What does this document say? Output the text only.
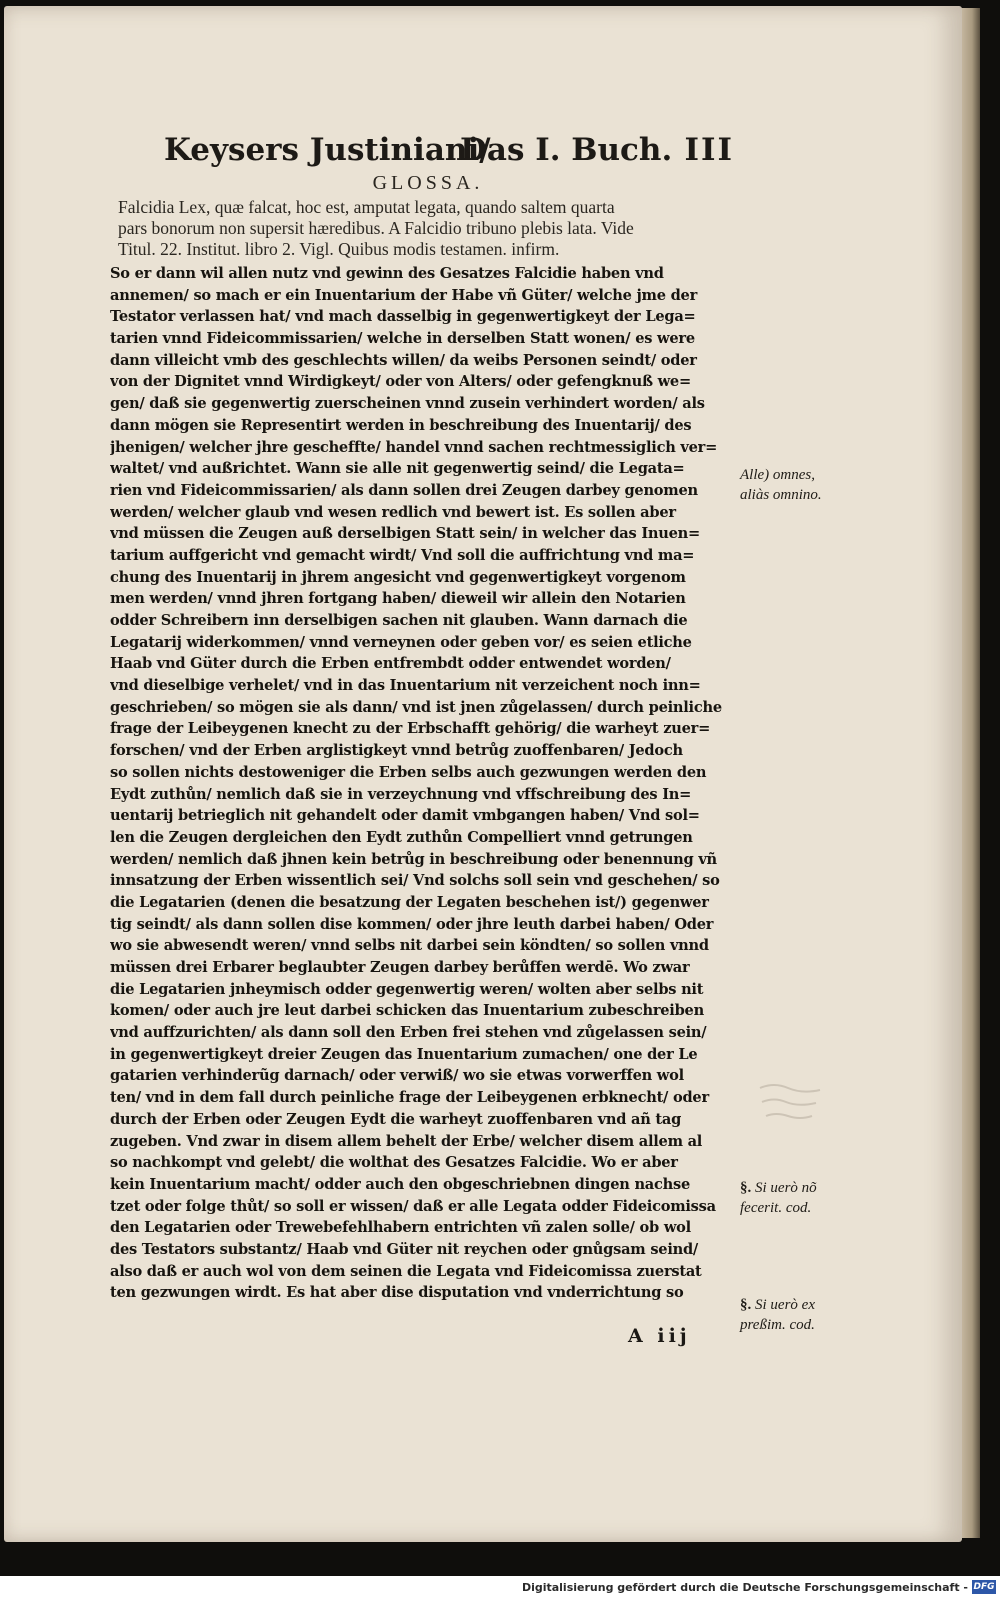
Keysers Justiniani/
Das I. Buch. III
GLOSSA.
Falcidia Lex, quæ falcat, hoc est, amputat legata, quando saltem quarta
pars bonorum non supersit hæredibus. A Falcidio tribuno plebis lata. Vide
Titul. 22. Institut. libro 2. Vigl. Quibus modis testamen. infirm.
So er dann wil allen nutz vnd gewinn des Gesatzes Falcidie haben vnd
annemen/ so mach er ein Inuentarium der Habe vñ Güter/ welche jme der
Testator verlassen hat/ vnd mach dasselbig in gegenwertigkeyt der Lega=
tarien vnnd Fideicommissarien/ welche in derselben Statt wonen/ es were
dann villeicht vmb des geschlechts willen/ da weibs Personen seindt/ oder
von der Dignitet vnnd Wirdigkeyt/ oder von Alters/ oder gefengknuß we=
gen/ daß sie gegenwertig zuerscheinen vnnd zusein verhindert worden/ als
dann mögen sie Representirt werden in beschreibung des Inuentarij/ des
jhenigen/ welcher jhre gescheffte/ handel vnnd sachen rechtmessiglich ver=
waltet/ vnd außrichtet. Wann sie alle nit gegenwertig seind/ die Legata=
rien vnd Fideicommissarien/ als dann sollen drei Zeugen darbey genomen
werden/ welcher glaub vnd wesen redlich vnd bewert ist. Es sollen aber
vnd müssen die Zeugen auß derselbigen Statt sein/ in welcher das Inuen=
tarium auffgericht vnd gemacht wirdt/ Vnd soll die auffrichtung vnd ma=
chung des Inuentarij in jhrem angesicht vnd gegenwertigkeyt vorgenom
men werden/ vnnd jhren fortgang haben/ dieweil wir allein den Notarien
odder Schreibern inn derselbigen sachen nit glauben. Wann darnach die
Legatarij widerkommen/ vnnd verneynen oder geben vor/ es seien etliche
Haab vnd Güter durch die Erben entfrembdt odder entwendet worden/
vnd dieselbige verhelet/ vnd in das Inuentarium nit verzeichent noch inn=
geschrieben/ so mögen sie als dann/ vnd ist jnen zůgelassen/ durch peinliche
frage der Leibeygenen knecht zu der Erbschafft gehörig/ die warheyt zuer=
forschen/ vnd der Erben arglistigkeyt vnnd betrůg zuoffenbaren/ Jedoch
so sollen nichts destoweniger die Erben selbs auch gezwungen werden den
Eydt zuthůn/ nemlich daß sie in verzeychnung vnd vffschreibung des In=
uentarij betrieglich nit gehandelt oder damit vmbgangen haben/ Vnd sol=
len die Zeugen dergleichen den Eydt zuthůn Compelliert vnnd getrungen
werden/ nemlich daß jhnen kein betrůg in beschreibung oder benennung vñ
innsatzung der Erben wissentlich sei/ Vnd solchs soll sein vnd geschehen/ so
die Legatarien (denen die besatzung der Legaten beschehen ist/) gegenwer
tig seindt/ als dann sollen dise kommen/ oder jhre leuth darbei haben/ Oder
wo sie abwesendt weren/ vnnd selbs nit darbei sein köndten/ so sollen vnnd
müssen drei Erbarer beglaubter Zeugen darbey berůffen werdē. Wo zwar
die Legatarien jnheymisch odder gegenwertig weren/ wolten aber selbs nit
komen/ oder auch jre leut darbei schicken das Inuentarium zubeschreiben
vnd auffzurichten/ als dann soll den Erben frei stehen vnd zůgelassen sein/
in gegenwertigkeyt dreier Zeugen das Inuentarium zumachen/ one der Le
gatarien verhinderũg darnach/ oder verwiß/ wo sie etwas vorwerffen wol
ten/ vnd in dem fall durch peinliche frage der Leibeygenen erbknecht/ oder
durch der Erben oder Zeugen Eydt die warheyt zuoffenbaren vnd añ tag
zugeben. Vnd zwar in disem allem behelt der Erbe/ welcher disem allem al
so nachkompt vnd gelebt/ die wolthat des Gesatzes Falcidie. Wo er aber
kein Inuentarium macht/ odder auch den obgeschriebnen dingen nachse
tzet oder folge thůt/ so soll er wissen/ daß er alle Legata odder Fideicomissa
den Legatarien oder Trewebefehlhabern entrichten vñ zalen solle/ ob wol
des Testators substantz/ Haab vnd Güter nit reychen oder gnůgsam seind/
also daß er auch wol von dem seinen die Legata vnd Fideicomissa zuerstat
ten gezwungen wirdt. Es hat aber dise disputation vnd vnderrichtung so
Alle) omnes,
aliàs omnino.
§. Si uerò nõ
fecerit. cod.
§. Si uerò ex
preßim. cod.
A iij
Digitalisierung gefördert durch die Deutsche Forschungsgemeinschaft - DFG
